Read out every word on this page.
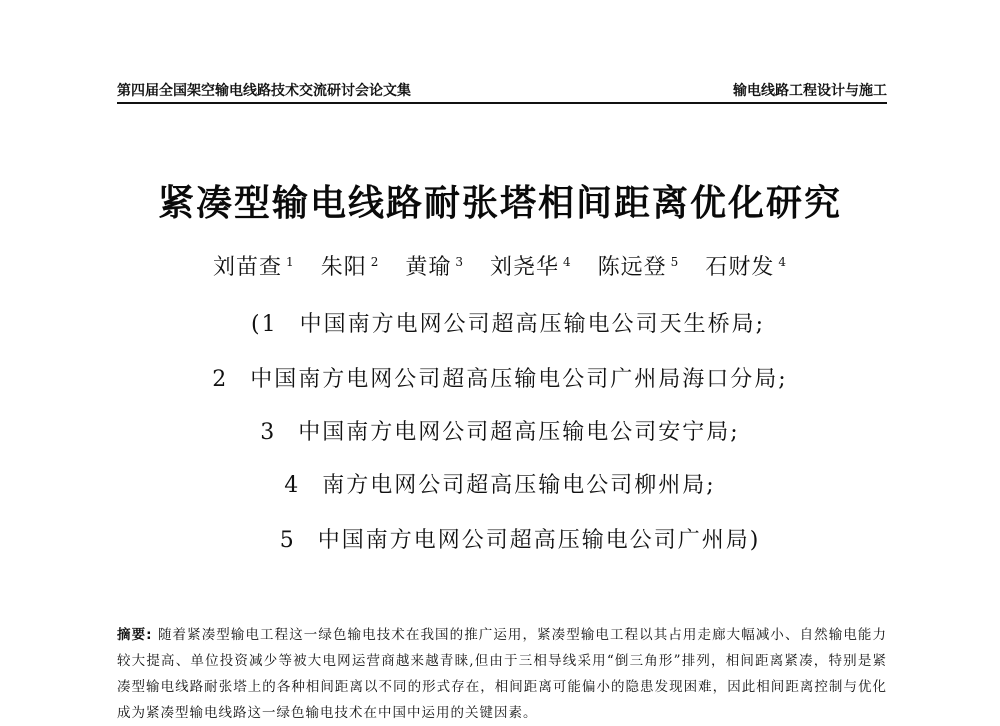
第四届全国架空输电线路技术交流研讨会论文集	输电线路工程设计与施工
紧凑型输电线路耐张塔相间距离优化研究
刘苗查 $^1$ 朱阳 $^2$ 黄瑜 $^3$ 刘尧华 $^4$ 陈远登 $^5$ 石财发 $^4$
(1 中国南方电网公司超高压输电公司天生桥局;
2 中国南方电网公司超高压输电公司广州局海口分局;
3 中国南方电网公司超高压输电公司安宁局;
4 南方电网公司超高压输电公司柳州局;
5 中国南方电网公司超高压输电公司广州局)
摘要: 随着紧凑型输电工程这一绿色输电技术在我国的推广运用，紧凑型输电工程以其占用走廊大幅减小、自然输电能力较大提高、单位投资减少等被大电网运营商越来越青睐,但由于三相导线采用“倒三角形”排列，相间距离紧凑，特别是紧凑型输电线路耐张塔上的各种相间距离以不同的形式存在，相间距离可能偏小的隐患发现困难，因此相间距离控制与优化成为紧凑型输电线路这一绿色输电技术在中国中运用的关键因素。
